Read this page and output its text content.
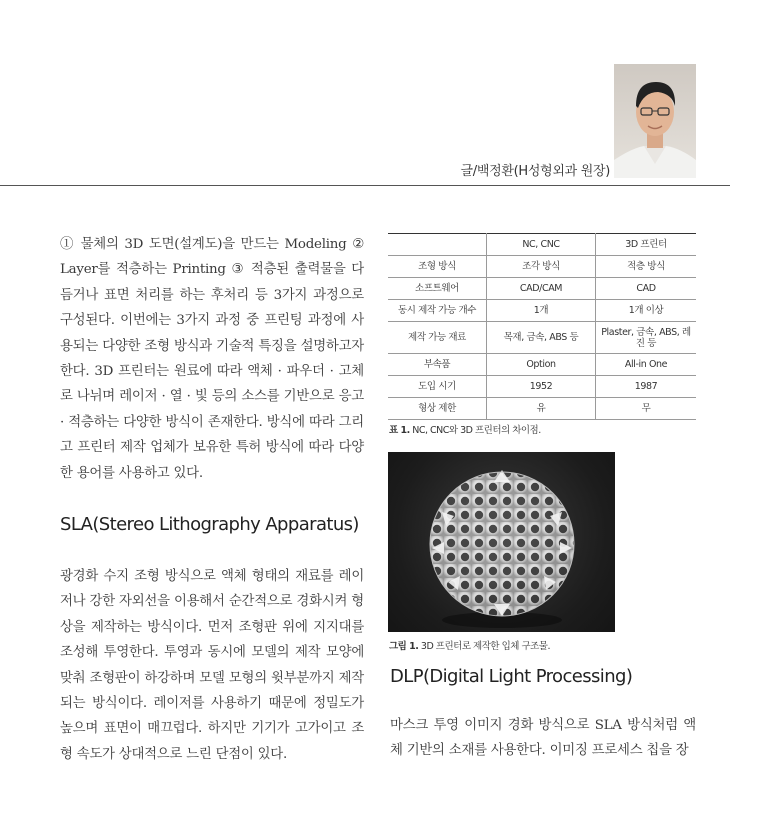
글/백정환(H성형외과 원장)

① 물체의 3D 도면(설계도)을 만드는 Modeling ② Layer를 적층하는 Printing ③ 적층된 출력물을 다듬거나 표면 처리를 하는 후처리 등 3가지 과정으로 구성된다. 이번에는 3가지 과정 중 프린팅 과정에 사용되는 다양한 조형 방식과 기술적 특징을 설명하고자 한다. 3D 프린터는 원료에 따라 액체 · 파우더 · 고체로 나뉘며 레이저 · 열 · 빛 등의 소스를 기반으로 응고 · 적층하는 다양한 방식이 존재한다. 방식에 따라 그리고 프린터 제작 업체가 보유한 특허 방식에 따라 다양한 용어를 사용하고 있다.

SLA(Stereo Lithography Apparatus)

광경화 수지 조형 방식으로 액체 형태의 재료를 레이저나 강한 자외선을 이용해서 순간적으로 경화시켜 형상을 제작하는 방식이다. 먼저 조형판 위에 지지대를 조성해 투영한다. 투영과 동시에 모델의 제작 모양에 맞춰 조형판이 하강하며 모델 모형의 윗부분까지 제작되는 방식이다. 레이저를 사용하기 때문에 정밀도가 높으며 표면이 매끄럽다. 하지만 기기가 고가이고 조형 속도가 상대적으로 느린 단점이 있다.

	NC, CNC	3D 프린터
조형 방식	조각 방식	적층 방식
소프트웨어	CAD/CAM	CAD
동시 제작 가능 개수	1개	1개 이상
제작 가능 재료	목재, 금속, ABS 등	Plaster, 금속, ABS, 레진 등
부속품	Option	All-in One
도입 시기	1952	1987
형상 제한	유	무
표 1. NC, CNC와 3D 프린터의 차이점.
그림 1. 3D 프린터로 제작한 입체 구조물.
DLP(Digital Light Processing)

마스크 투영 이미지 경화 방식으로 SLA 방식처럼 액체 기반의 소재를 사용한다. 이미징 프로세스 칩을 장
